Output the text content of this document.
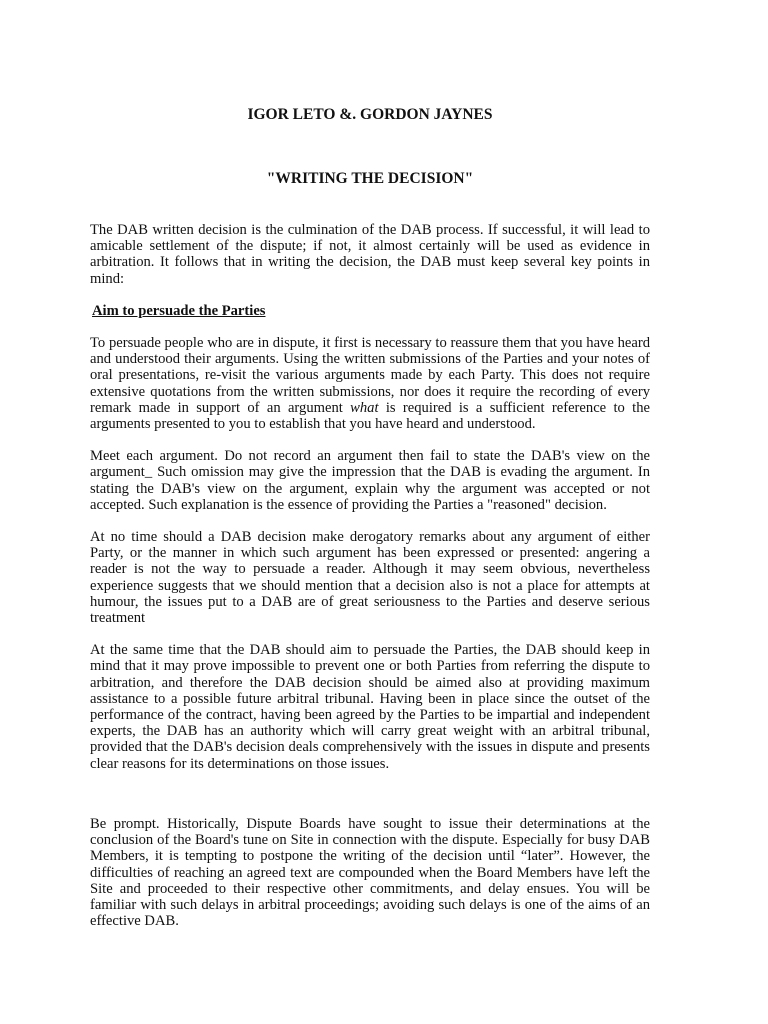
IGOR LETO &. GORDON JAYNES

"WRITING THE DECISION"

The DAB written decision is the culmination of the DAB process. If successful, it will lead to amicable settlement of the dispute; if not, it almost certainly will be used as evidence in arbitration. It follows that in writing the decision, the DAB must keep several key points in mind:

Aim to persuade the Parties

To persuade people who are in dispute, it first is necessary to reassure them that you have heard and understood their arguments. Using the written submissions of the Parties and your notes of oral presentations, re-visit the various arguments made by each Party. This does not require extensive quotations from the written submissions, nor does it require the recording of every remark made in support of an argument what is required is a sufficient reference to the arguments presented to you to establish that you have heard and understood.

Meet each argument. Do not record an argument then fail to state the DAB's view on the argument_ Such omission may give the impression that the DAB is evading the argument. In stating the DAB's view on the argument, explain why the argument was accepted or not accepted. Such explanation is the essence of providing the Parties a "reasoned" decision.

At no time should a DAB decision make derogatory remarks about any argument of either Party, or the manner in which such argument has been expressed or presented: angering a reader is not the way to persuade a reader. Although it may seem obvious, nevertheless experience suggests that we should mention that a decision also is not a place for attempts at humour, the issues put to a DAB are of great seriousness to the Parties and deserve serious treatment

At the same time that the DAB should aim to persuade the Parties, the DAB should keep in mind that it may prove impossible to prevent one or both Parties from referring the dispute to arbitration, and therefore the DAB decision should be aimed also at providing maximum assistance to a possible future arbitral tribunal. Having been in place since the outset of the performance of the contract, having been agreed by the Parties to be impartial and independent experts, the DAB has an authority which will carry great weight with an arbitral tribunal, provided that the DAB's decision deals comprehensively with the issues in dispute and presents clear reasons for its determinations on those issues.

Be prompt. Historically, Dispute Boards have sought to issue their determinations at the conclusion of the Board's tune on Site in connection with the dispute. Especially for busy DAB Members, it is tempting to postpone the writing of the decision until “later”. However, the difficulties of reaching an agreed text are compounded when the Board Members have left the Site and proceeded to their respective other commitments, and delay ensues. You will be familiar with such delays in arbitral proceedings; avoiding such delays is one of the aims of an effective DAB.
